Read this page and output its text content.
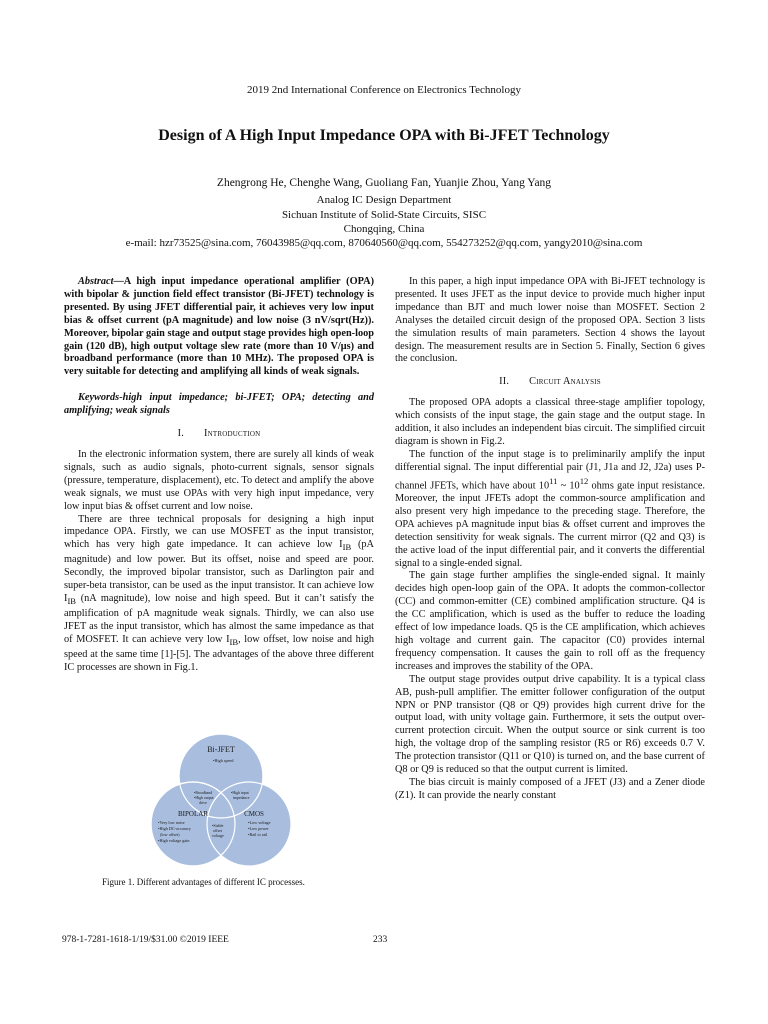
2019 2nd International Conference on Electronics Technology
Design of A High Input Impedance OPA with Bi-JFET Technology
Zhengrong He, Chenghe Wang, Guoliang Fan, Yuanjie Zhou, Yang Yang
Analog IC Design Department
Sichuan Institute of Solid-State Circuits, SISC
Chongqing, China
e-mail: hzr73525@sina.com, 76043985@qq.com, 870640560@qq.com, 554273252@qq.com, yangy2010@sina.com

Abstract—A high input impedance operational amplifier (OPA) with bipolar & junction field effect transistor (Bi-JFET) technology is presented. By using JFET differential pair, it achieves very low input bias & offset current (pA magnitude) and low noise (3 nV/sqrt(Hz)). Moreover, bipolar gain stage and output stage provides high open-loop gain (120 dB), high output voltage slew rate (more than 10 V/μs) and broadband performance (more than 10 MHz). The proposed OPA is very suitable for detecting and amplifying all kinds of weak signals.

Keywords-high input impedance; bi-JFET; OPA; detecting and amplifying; weak signals

I. Introduction

In the electronic information system, there are surely all kinds of weak signals, such as audio signals, photo-current signals, sensor signals (pressure, temperature, displacement), etc. To detect and amplify the above weak signals, we must use OPAs with very high input impedance, very low input bias & offset current and low noise.

There are three technical proposals for designing a high input impedance OPA. Firstly, we can use MOSFET as the input transistor, which has very high gate impedance. It can achieve low $I_{IB}$ (pA magnitude) and low power. But its offset, noise and speed are poor. Secondly, the improved bipolar transistor, such as Darlington pair and super-beta transistor, can be used as the input transistor. It can achieve low $I_{IB}$ (nA magnitude), low noise and high speed. But it can’t satisfy the amplification of pA magnitude weak signals. Thirdly, we can also use JFET as the input transistor, which has almost the same impedance as that of MOSFET. It can achieve very low $I_{IB}$, low offset, low noise and high speed at the same time [1]-[5]. The advantages of the above three different IC processes are shown in Fig.1.

Bi-JFET
•High speed
BIPOLAR
•Very low noise
•High DC-accuracy
(low offset)
•High voltage gain
CMOS
•Low voltage
•Low power
•Rail to rail
•Broadband
•High output
drive
•High input
impedance
•Stable
offset
voltage
Figure 1. Different advantages of different IC processes.

In this paper, a high input impedance OPA with Bi-JFET technology is presented. It uses JFET as the input device to provide much higher input impedance than BJT and much lower noise than MOSFET. Section 2 Analyses the detailed circuit design of the proposed OPA. Section 3 lists the simulation results of main parameters. Section 4 shows the layout design. The measurement results are in Section 5. Finally, Section 6 gives the conclusion.

II. Circuit Analysis

The proposed OPA adopts a classical three-stage amplifier topology, which consists of the input stage, the gain stage and the output stage. In addition, it also includes an independent bias circuit. The simplified circuit diagram is shown in Fig.2.

The function of the input stage is to preliminarily amplify the input differential signal. The input differential pair (J1, J1a and J2, J2a) uses P-channel JFETs, which have about $10^{11}$ ~ $10^{12}$ ohms gate input resistance. Moreover, the input JFETs adopt the common-source amplification and also present very high impedance to the preceding stage. Therefore, the OPA achieves pA magnitude input bias & offset current and improves the detection sensitivity for weak signals. The current mirror (Q2 and Q3) is the active load of the input differential pair, and it converts the differential signal to a single-ended signal.

The gain stage further amplifies the single-ended signal. It mainly decides high open-loop gain of the OPA. It adopts the common-collector (CC) and common-emitter (CE) combined amplification structure. Q4 is the CC amplification, which is used as the buffer to reduce the loading effect of low impedance loads. Q5 is the CE amplification, which achieves high voltage and current gain. The capacitor (C0) provides internal frequency compensation. It causes the gain to roll off as the frequency increases and improves the stability of the OPA.

The output stage provides output drive capability. It is a typical class AB, push-pull amplifier. The emitter follower configuration of the output NPN or PNP transistor (Q8 or Q9) provides high current drive for the output load, with unity voltage gain. Furthermore, it sets the output over-current protection circuit. When the output source or sink current is too high, the voltage drop of the sampling resistor (R5 or R6) exceeds 0.7 V. The protection transistor (Q11 or Q10) is turned on, and the base current of Q8 or Q9 is reduced so that the output current is limited.

The bias circuit is mainly composed of a JFET (J3) and a Zener diode (Z1). It can provide the nearly constant

978-1-7281-1618-1/19/$31.00 ©2019 IEEE	233
